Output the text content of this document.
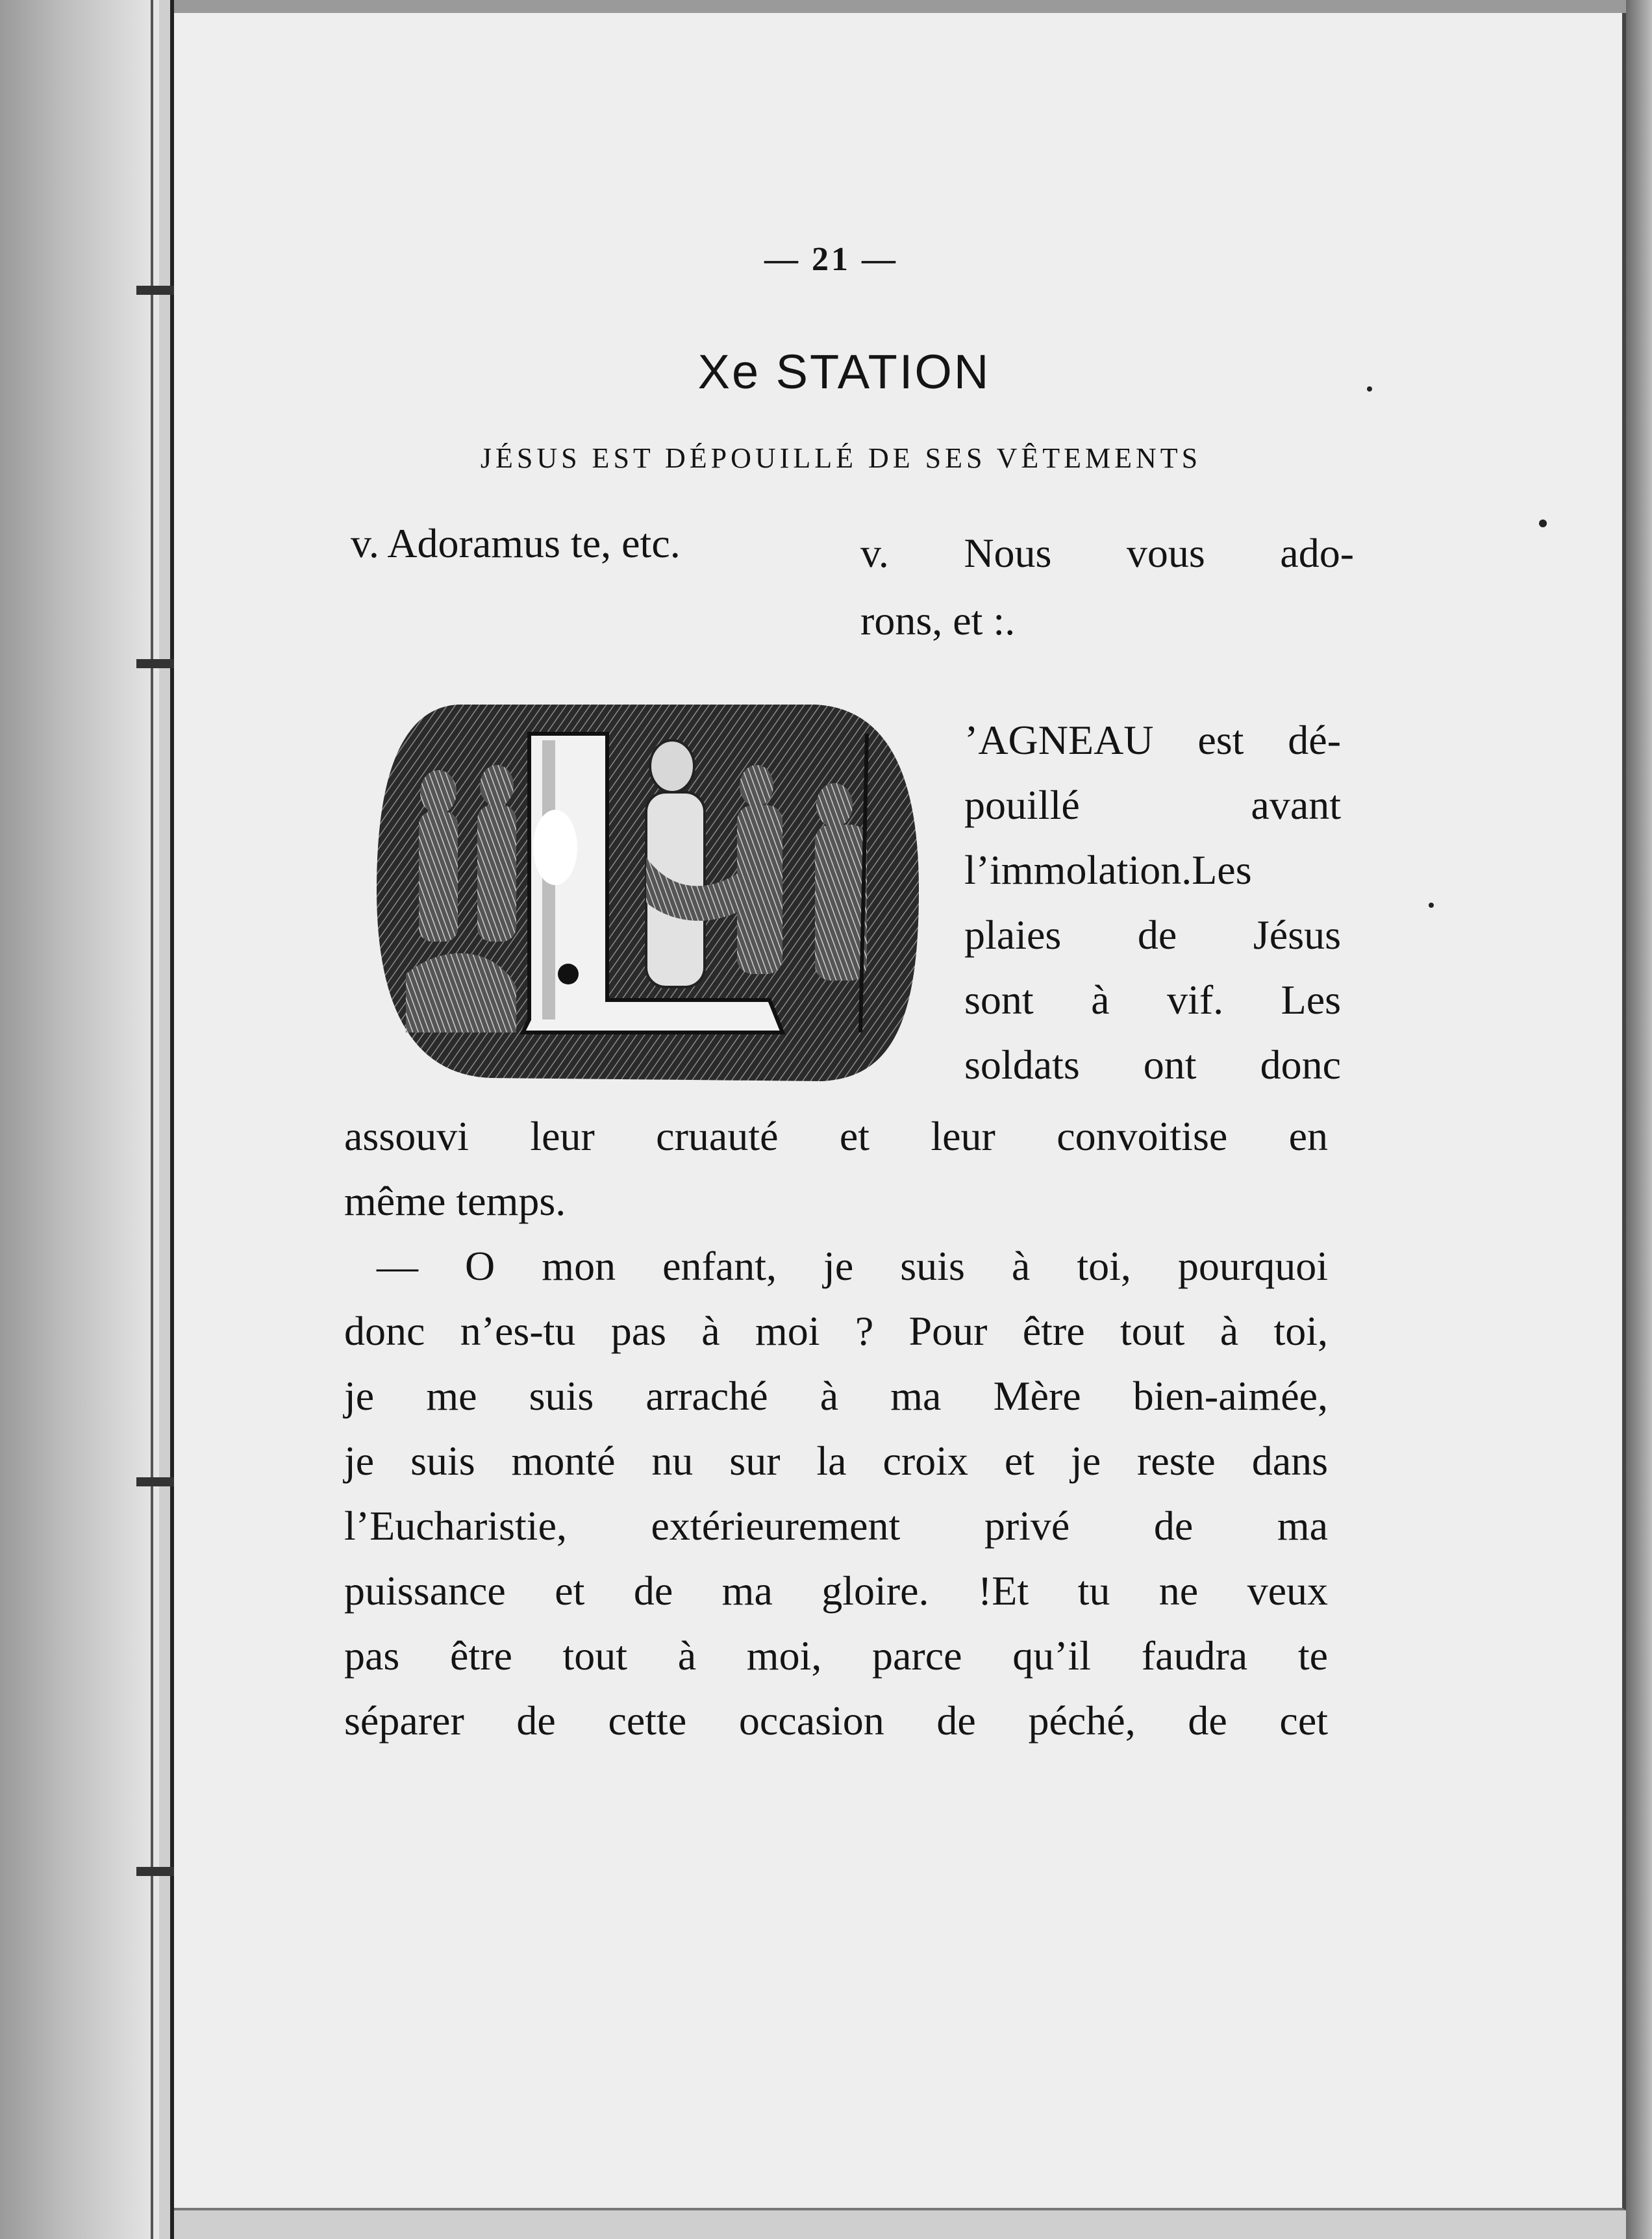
— 21 —
Xe STATION
JÉSUS EST DÉPOUILLÉ DE SES VÊTEMENTS
v. Adoramus te, etc.	v. Nous vous ado-
rons, et :.
’AGNEAU est dé-
pouillé avant
l’immolation.Les
plaies de Jésus
sont à vif. Les
soldats ont donc
assouvi leur cruauté et leur convoitise en
même temps.
— O mon enfant, je suis à toi, pourquoi
donc n’es-tu pas à moi ? Pour être tout à toi,
je me suis arraché à ma Mère bien-aimée,
je suis monté nu sur la croix et je reste dans
l’Eucharistie, extérieurement privé de ma
puissance et de ma gloire. !Et tu ne veux
pas être tout à moi, parce qu’il faudra te
séparer de cette occasion de péché, de cet
